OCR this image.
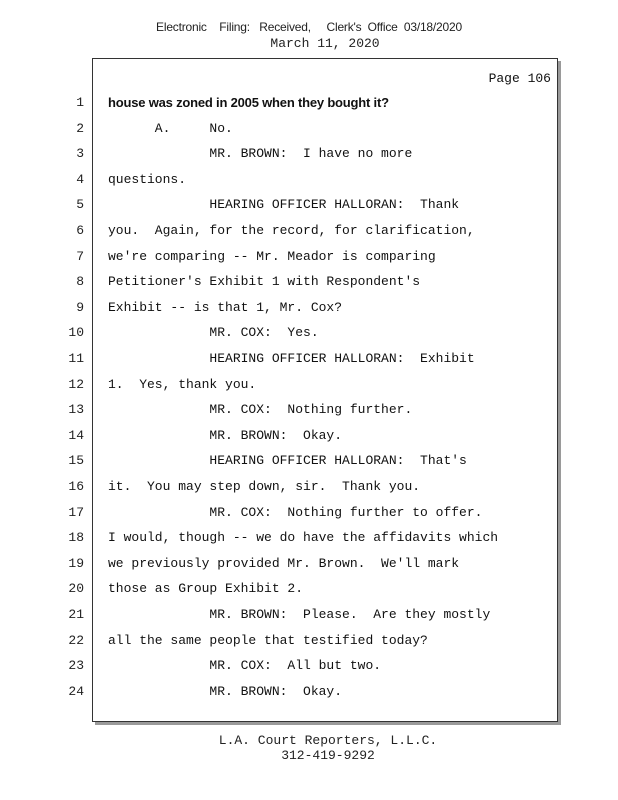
Electronic    Filing:   Received,     Clerk's  Office  03/18/2020
March 11, 2020
Page 106
1 house was zoned in 2005 when they bought it?
2 A.     No.
3 MR. BROWN:  I have no more
4 questions.
5 HEARING OFFICER HALLORAN:  Thank
6 you.  Again, for the record, for clarification,
7 we're comparing -- Mr. Meador is comparing
8 Petitioner's Exhibit 1 with Respondent's
9 Exhibit -- is that 1, Mr. Cox?
10 MR. COX:  Yes.
11 HEARING OFFICER HALLORAN:  Exhibit
12 1.  Yes, thank you.
13 MR. COX:  Nothing further.
14 MR. BROWN:  Okay.
15 HEARING OFFICER HALLORAN:  That's
16 it.  You may step down, sir.  Thank you.
17 MR. COX:  Nothing further to offer.
18 I would, though -- we do have the affidavits which
19 we previously provided Mr. Brown.  We'll mark
20 those as Group Exhibit 2.
21 MR. BROWN:  Please.  Are they mostly
22 all the same people that testified today?
23 MR. COX:  All but two.
24 MR. BROWN:  Okay.
L.A. Court Reporters, L.L.C.
312-419-9292
